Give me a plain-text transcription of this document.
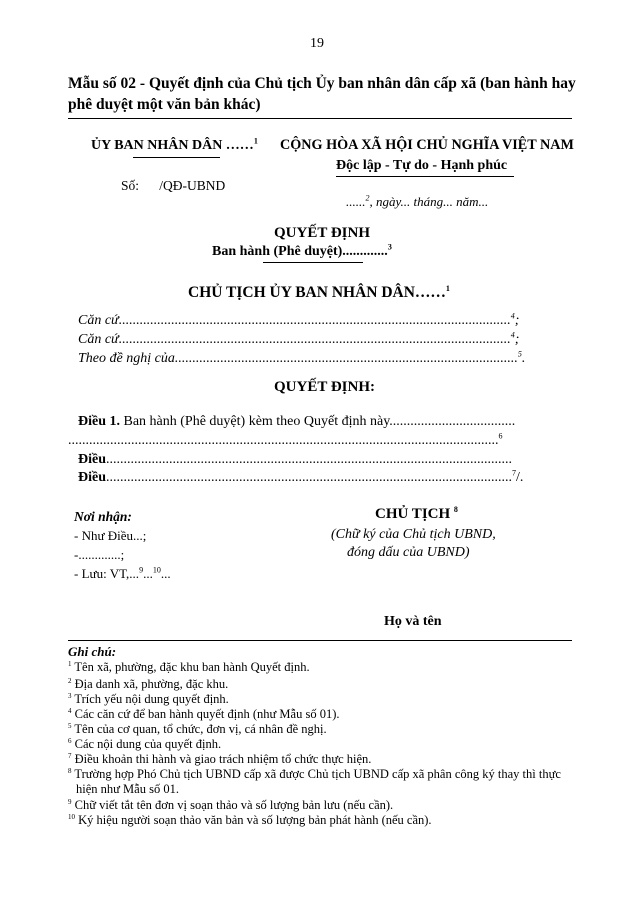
19
Mẫu số 02 - Quyết định của Chủ tịch Ủy ban nhân dân cấp xã (ban hành hay
phê duyệt một văn bản khác)
ỦY BAN NHÂN DÂN ……$^1$
Số:      /QĐ-UBND
CỘNG HÒA XÃ HỘI CHỦ NGHĨA VIỆT NAM
Độc lập - Tự do - Hạnh phúc
......$^2$, ngày... tháng... năm...
QUYẾT ĐỊNH
Ban hành (Phê duyệt).............$^3$
CHỦ TỊCH ỦY BAN NHÂN DÂN……$^1$
Căn cứ................................................................................................................$^4$;
Căn cứ................................................................................................................$^4$;
Theo đề nghị của..................................................................................................$^5$.
QUYẾT ĐỊNH:
Điều 1. Ban hành (Phê duyệt) kèm theo Quyết định này....................................
...........................................................................................................................$^6$
Điều....................................................................................................................
Điều....................................................................................................................$^7$/.
Nơi nhận:
- Như Điều...;
-.............;
- Lưu: VT,...$^9$...$^{10}$...
CHỦ TỊCH $^8$
(Chữ ký của Chủ tịch UBND,
đóng dấu của UBND)
Họ và tên
Ghi chú:
$^1$ Tên xã, phường, đặc khu ban hành Quyết định.
$^2$ Địa danh xã, phường, đặc khu.
$^3$ Trích yếu nội dung quyết định.
$^4$ Các căn cứ để ban hành quyết định (như Mẫu số 01).
$^5$ Tên của cơ quan, tổ chức, đơn vị, cá nhân đề nghị.
$^6$ Các nội dung của quyết định.
$^7$ Điều khoản thi hành và giao trách nhiệm tổ chức thực hiện.
$^8$ Trường hợp Phó Chủ tịch UBND cấp xã được Chủ tịch UBND cấp xã phân công ký thay thì thực
hiện như Mẫu số 01.
$^9$ Chữ viết tắt tên đơn vị soạn thảo và số lượng bản lưu (nếu cần).
$^{10}$ Ký hiệu người soạn thảo văn bản và số lượng bản phát hành (nếu cần).
